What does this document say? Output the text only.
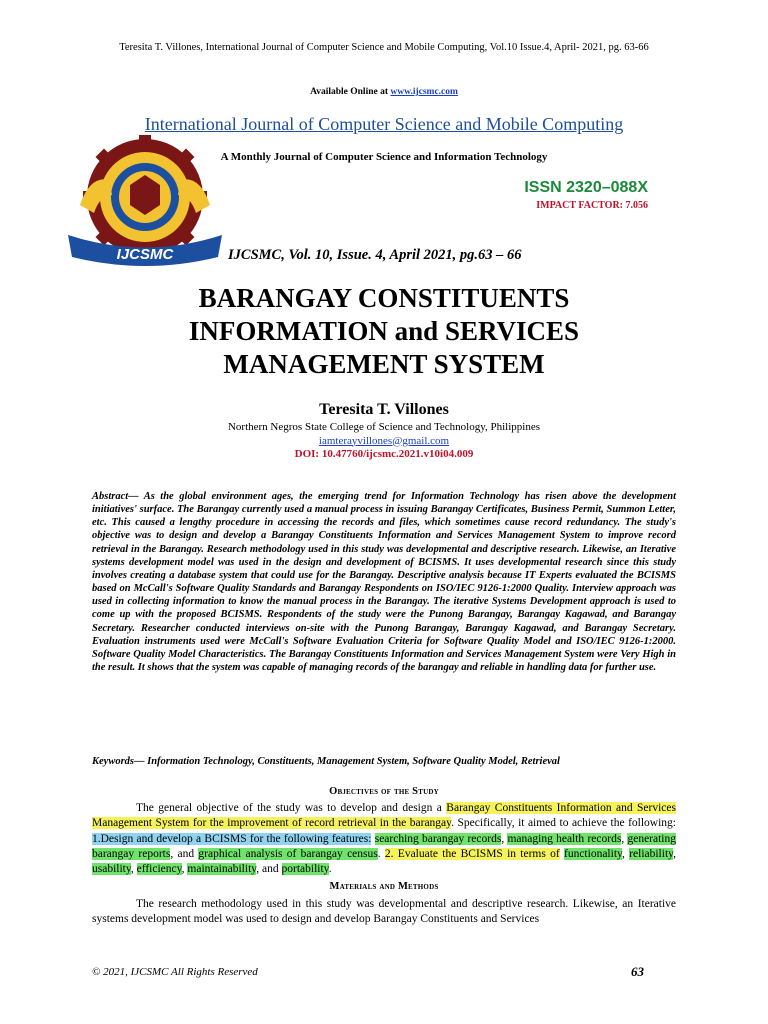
Teresita T. Villones, International Journal of Computer Science and Mobile Computing, Vol.10 Issue.4, April- 2021, pg. 63-66
Available Online at www.ijcsmc.com
International Journal of Computer Science and Mobile Computing
IJCSMC
A Monthly Journal of Computer Science and Information Technology
ISSN 2320–088X
IMPACT FACTOR: 7.056
IJCSMC, Vol. 10, Issue. 4, April 2021, pg.63 – 66
BARANGAY CONSTITUENTS
INFORMATION and SERVICES
MANAGEMENT SYSTEM
Teresita T. Villones
Northern Negros State College of Science and Technology, Philippines
iamterayvillones@gmail.com
DOI: 10.47760/ijcsmc.2021.v10i04.009

Abstract— As the global environment ages, the emerging trend for Information Technology has risen above the development initiatives' surface. The Barangay currently used a manual process in issuing Barangay Certificates, Business Permit, Summon Letter, etc. This caused a lengthy procedure in accessing the records and files, which sometimes cause record redundancy. The study's objective was to design and develop a Barangay Constituents Information and Services Management System to improve record retrieval in the Barangay. Research methodology used in this study was developmental and descriptive research. Likewise, an Iterative systems development model was used in the design and development of BCISMS. It uses developmental research since this study involves creating a database system that could use for the Barangay. Descriptive analysis because IT Experts evaluated the BCISMS based on McCall's Software Quality Standards and Barangay Respondents on ISO/IEC 9126-1:2000 Quality. Interview approach was used in collecting information to know the manual process in the Barangay. The iterative Systems Development approach is used to come up with the proposed BCISMS. Respondents of the study were the Punong Barangay, Barangay Kagawad, and Barangay Secretary. Researcher conducted interviews on-site with the Punong Barangay, Barangay Kagawad, and Barangay Secretary. Evaluation instruments used were McCall's Software Evaluation Criteria for Software Quality Model and ISO/IEC 9126-1:2000. Software Quality Model Characteristics. The Barangay Constituents Information and Services Management System were Very High in the result. It shows that the system was capable of managing records of the barangay and reliable in handling data for further use.

Keywords— Information Technology, Constituents, Management System, Software Quality Model, Retrieval

Objectives of the Study

The general objective of the study was to develop and design a Barangay Constituents Information and Services Management System for the improvement of record retrieval in the barangay. Specifically, it aimed to achieve the following: 1.Design and develop a BCISMS for the following features: searching barangay records, managing health records, generating barangay reports, and graphical analysis of barangay census. 2. Evaluate the BCISMS in terms of functionality, reliability, usability, efficiency, maintainability, and portability.

Materials and Methods

The research methodology used in this study was developmental and descriptive research. Likewise, an Iterative systems development model was used to design and develop Barangay Constituents and Services

© 2021, IJCSMC All Rights Reserved	63
